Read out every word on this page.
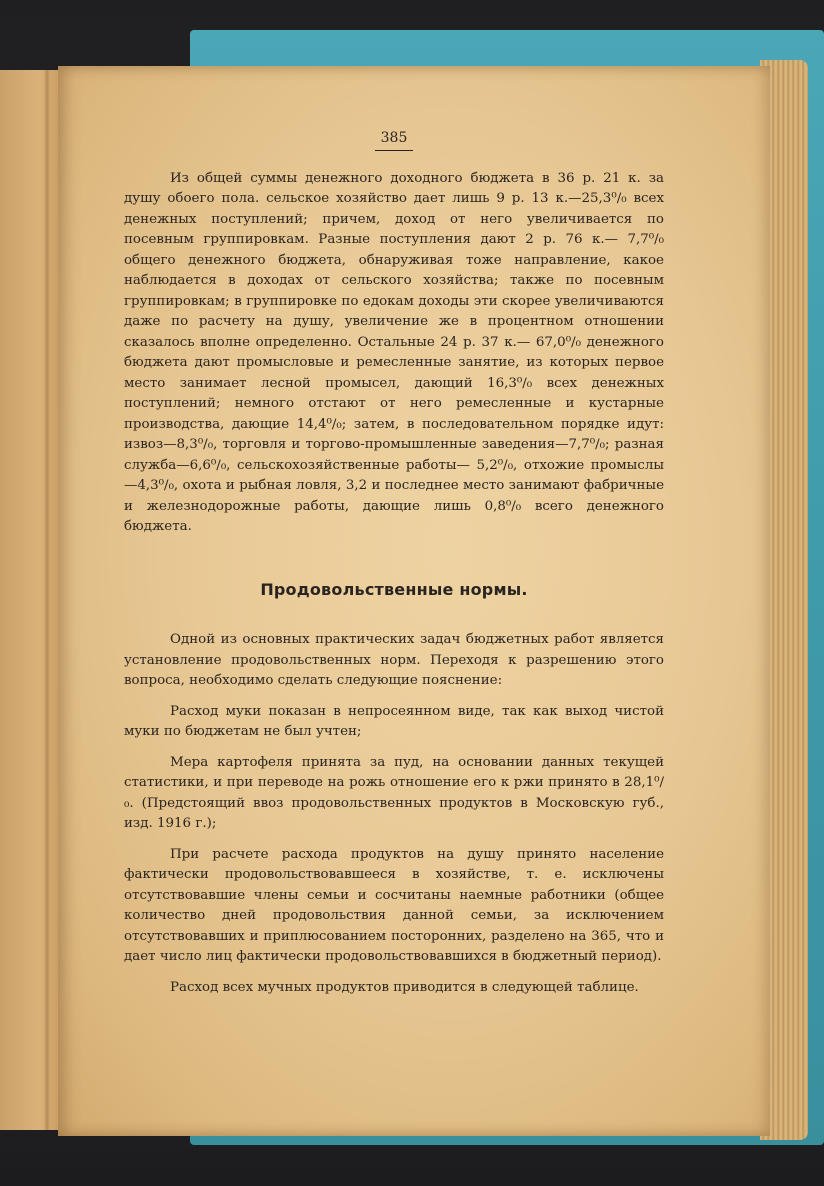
385

Из общей суммы денежного доходного бюджета в 36 р. 21 к. за душу обоего пола. сельское хозяйство дает лишь 9 р. 13 к.—25,3⁰/₀ всех денежных поступлений; причем, доход от него увеличивается по посевным группировкам. Разные поступления дают 2 р. 76 к.— 7,7⁰/₀ общего денежного бюджета, обнаруживая тоже направление, какое наблюдается в доходах от сельского хозяйства; также по посевным группировкам; в группировке по едокам доходы эти скорее увеличиваются даже по расчету на душу, увеличение же в процентном отношении сказалось вполне определенно. Остальные 24 р. 37 к.— 67,0⁰/₀ денежного бюджета дают промысловые и ремесленные занятие, из которых первое место занимает лесной промысел, дающий 16,3⁰/₀ всех денежных поступлений; немного отстают от него ремесленные и кустарные производства, дающие 14,4⁰/₀; затем, в последовательном порядке идут: извоз—8,3⁰/₀, торговля и торгово-промышленные заведения—7,7⁰/₀; разная служба—6,6⁰/₀, сельскохозяйственные работы— 5,2⁰/₀, отхожие промыслы—4,3⁰/₀, охота и рыбная ловля, 3,2 и последнее место занимают фабричные и железнодорожные работы, дающие лишь 0,8⁰/₀ всего денежного бюджета.

Продовольственные нормы.

Одной из основных практических задач бюджетных работ является установление продовольственных норм. Переходя к разрешению этого вопроса, необходимо сделать следующие пояснение:

Расход муки показан в непросеянном виде, так как выход чистой муки по бюджетам не был учтен;

Мера картофеля принята за пуд, на основании данных текущей статистики, и при переводе на рожь отношение его к ржи принято в 28,1⁰/₀. (Предстоящий ввоз продовольственных продуктов в Московскую губ., изд. 1916 г.);

При расчете расхода продуктов на душу принято население фактически продовольствовавшееся в хозяйстве, т. е. исключены отсутствовавшие члены семьи и сосчитаны наемные работники (общее количество дней продовольствия данной семьи, за исключением отсутствовавших и приплюсованием посторонних, разделено на 365, что и дает число лиц фактически продовольствовавшихся в бюджетный период).

Расход всех мучных продуктов приводится в следующей таблице.
